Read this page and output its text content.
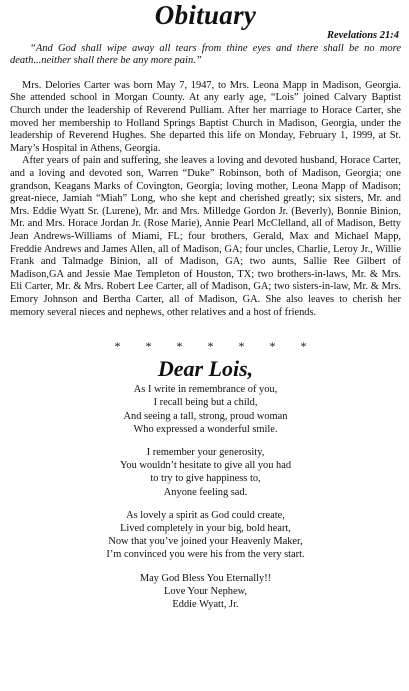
Obituary
Revelations 21:4

“And God shall wipe away all tears from thine eyes and there shall be no more death...neither shall there be any more pain.”

Mrs. Delories Carter was born May 7, 1947, to Mrs. Leona Mapp in Madison, Georgia. She attended school in Morgan County. At any early age, “Lois” joined Calvary Baptist Church under the leadership of Reverend Pulliam. After her marriage to Horace Carter, she moved her membership to Holland Springs Baptist Church in Madison, Georgia, under the leadership of Reverend Hughes. She departed this life on Monday, February 1, 1999, at St. Mary’s Hospital in Athens, Georgia.

After years of pain and suffering, she leaves a loving and devoted husband, Horace Carter, and a loving and devoted son, Warren “Duke” Robinson, both of Madison, Georgia; one grandson, Keagans Marks of Covington, Georgia; loving mother, Leona Mapp of Madison; great-niece, Jamiah “Miah” Long, who she kept and cherished greatly; six sisters, Mr. and Mrs. Eddie Wyatt Sr. (Lurene), Mr. and Mrs. Milledge Gordon Jr. (Beverly), Bonnie Binion, Mr. and Mrs. Horace Jordan Jr. (Rose Marie), Annie Pearl McClelland, all of Madison, Betty Jean Andrews-Williams of Miami, FL; four brothers, Gerald, Max and Michael Mapp, Freddie Andrews and James Allen, all of Madison, GA; four uncles, Charlie, Leroy Jr., Willie Frank and Talmadge Binion, all of Madison, GA; two aunts, Sallie Ree Gilbert of Madison,GA and Jessie Mae Templeton of Houston, TX; two brothers-in-laws, Mr. & Mrs. Eli Carter, Mr. & Mrs. Robert Lee Carter, all of Madison, GA; two sisters-in-law, Mr. & Mrs. Emory Johnson and Bertha Carter, all of Madison, GA. She also leaves to cherish her memory several nieces and nephews, other relatives and a host of friends.

* * * * * * *
Dear Lois,
As I write in remembrance of you,
I recall being but a child,
And seeing a tall, strong, proud woman
Who expressed a wonderful smile.
I remember your generosity,
You wouldn’t hesitate to give all you had
to try to give happiness to,
Anyone feeling sad.
As lovely a spirit as God could create,
Lived completely in your big, bold heart,
Now that you’ve joined your Heavenly Maker,
I’m convinced you were his from the very start.
May God Bless You Eternally!!
Love Your Nephew,
Eddie Wyatt, Jr.
